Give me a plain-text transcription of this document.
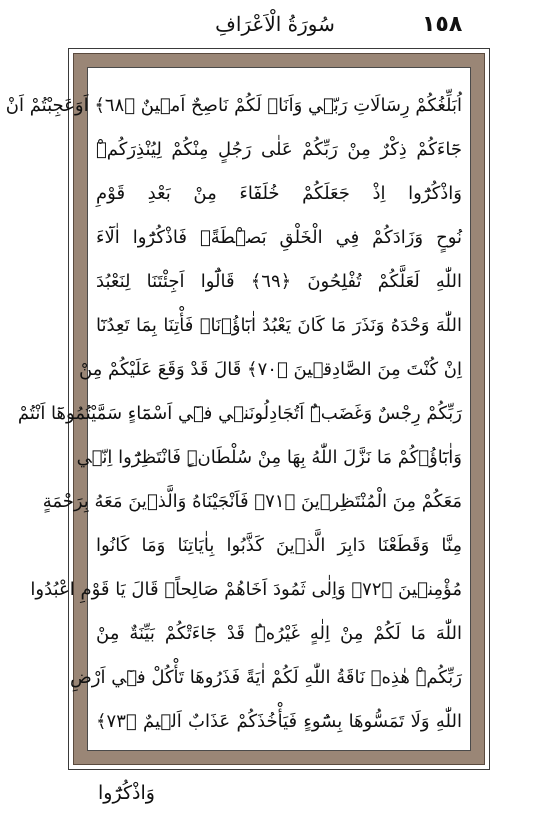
١٥٨
سُورَةُ الْاَعْرَافِ
اُبَلِّغُكُمْ رِسَالَاتِ رَبّ۪ي وَاَنَا۬ لَكُمْ نَاصِحٌ اَم۪ينٌ ﴿٦٨﴾ اَوَعَجِبْتُمْ اَنْ
جَٓاءَكُمْ ذِكْرٌ مِنْ رَبِّكُمْ عَلٰى رَجُلٍ مِنْكُمْ لِيُنْذِرَكُمْۜ
وَاذْكُرُٓوا اِذْ جَعَلَكُمْ خُلَفَٓاءَ مِنْ بَعْدِ قَوْمِ
نُوحٍ وَزَادَكُمْ فِي الْخَلْقِ بَصْۜطَةًۚ فَاذْكُرُٓوا اٰلَٓاءَ
اللّٰهِ لَعَلَّكُمْ تُفْلِحُونَ ﴿٦٩﴾ قَالُٓوا اَجِئْتَنَا لِنَعْبُدَ
اللّٰهَ وَحْدَهُ وَنَذَرَ مَا كَانَ يَعْبُدُ اٰبَٓاؤُ۬نَاۚ فَأْتِنَا بِمَا تَعِدُنَٓا
اِنْ كُنْتَ مِنَ الصَّادِق۪ينَ ﴿٧٠﴾ قَالَ قَدْ وَقَعَ عَلَيْكُمْ مِنْ
رَبِّكُمْ رِجْسٌ وَغَضَبٌۜ اَتُجَادِلُونَن۪ي ف۪ٓي اَسْمَٓاءٍ سَمَّيْتُمُوهَٓا اَنْتُمْ
وَاٰبَٓاؤُ۬كُمْ مَا نَزَّلَ اللّٰهُ بِهَا مِنْ سُلْطَانٍۜ فَانْتَظِرُٓوا اِنّ۪ي
مَعَكُمْ مِنَ الْمُنْتَظِر۪ينَ ﴿٧١﴾ فَاَنْجَيْنَاهُ وَالَّذ۪ينَ مَعَهُ بِرَحْمَةٍ
مِنَّا وَقَطَعْنَا دَابِرَ الَّذ۪ينَ كَذَّبُوا بِاٰيَاتِنَا وَمَا كَانُوا
مُؤْمِن۪ينَ ﴿٧٢﴾ وَاِلٰى ثَمُودَ اَخَاهُمْ صَالِحاًۢ قَالَ يَا قَوْمِ اعْبُدُوا
اللّٰهَ مَا لَكُمْ مِنْ اِلٰهٍ غَيْرُهُۜ قَدْ جَٓاءَتْكُمْ بَيِّنَةٌ مِنْ
رَبِّكُمْۜ هٰذِه۪ نَاقَةُ اللّٰهِ لَكُمْ اٰيَةً فَذَرُوهَا تَأْكُلْ ف۪ٓي اَرْضِ
اللّٰهِ وَلَا تَمَسُّوهَا بِسُٓوءٍ فَيَأْخُذَكُمْ عَذَابٌ اَل۪يمٌ ﴿٧٣﴾
وَاذْكُرُٓوا
